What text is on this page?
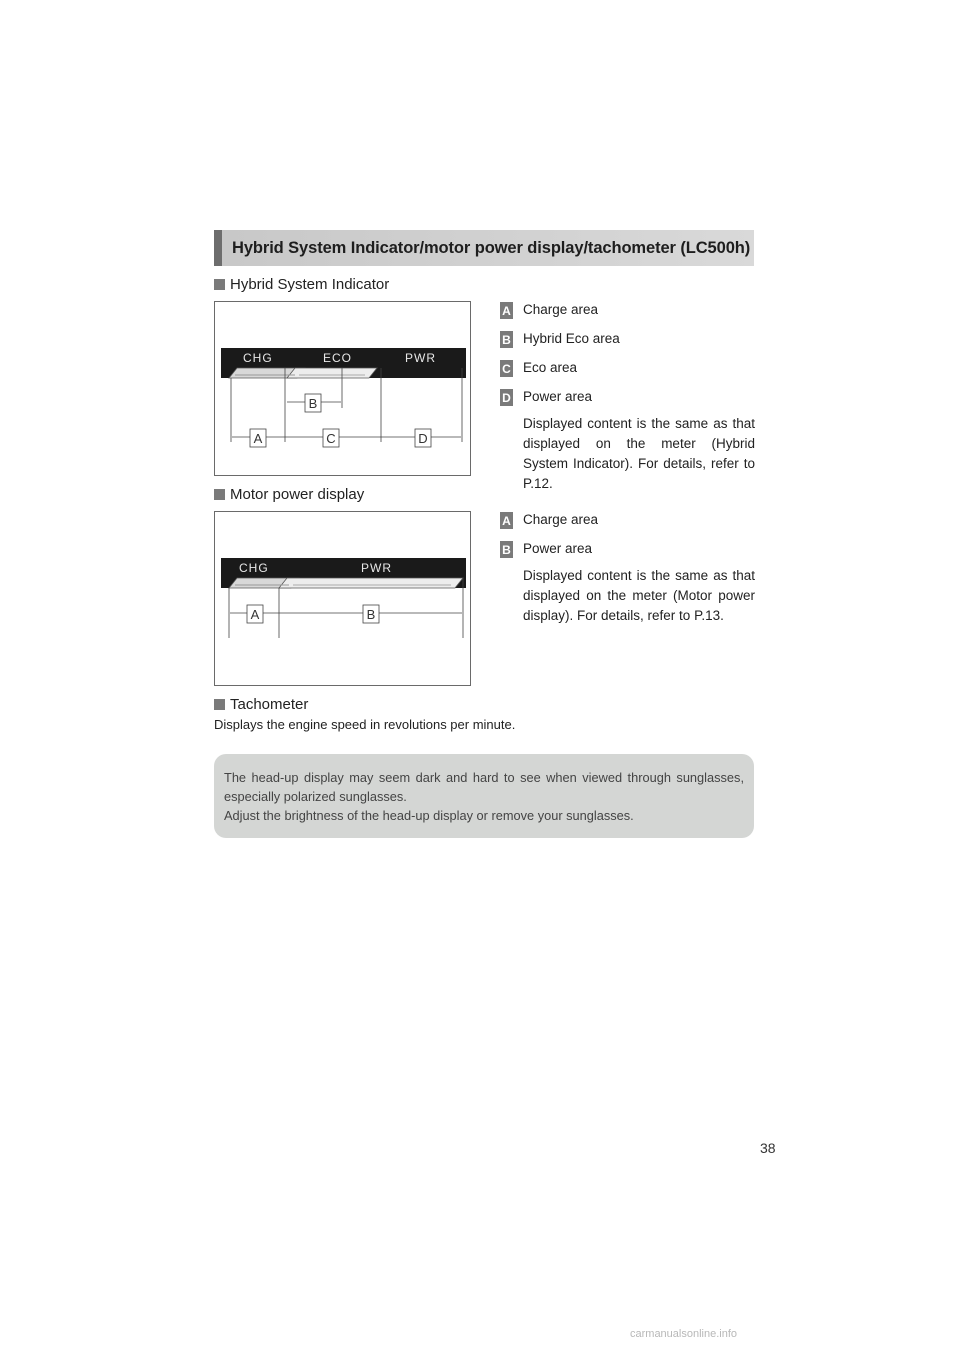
Hybrid System Indicator/motor power display/tachometer (LC500h)
Hybrid System Indicator
CHG	ECO	PWR
B
A	C	D
A Charge area
B Hybrid Eco area
C Eco area
D Power area
Displayed content is the same as that displayed on the meter (Hybrid System Indicator). For details, refer to P.12.
Motor power display
CHG	PWR
A	B
A Charge area
B Power area
Displayed content is the same as that displayed on the meter (Motor power display). For details, refer to P.13.
Tachometer
Displays the engine speed in revolutions per minute.

The head-up display may seem dark and hard to see when viewed through sunglasses, especially polarized sunglasses.

Adjust the brightness of the head-up display or remove your sunglasses.

38
carmanualsonline.info
